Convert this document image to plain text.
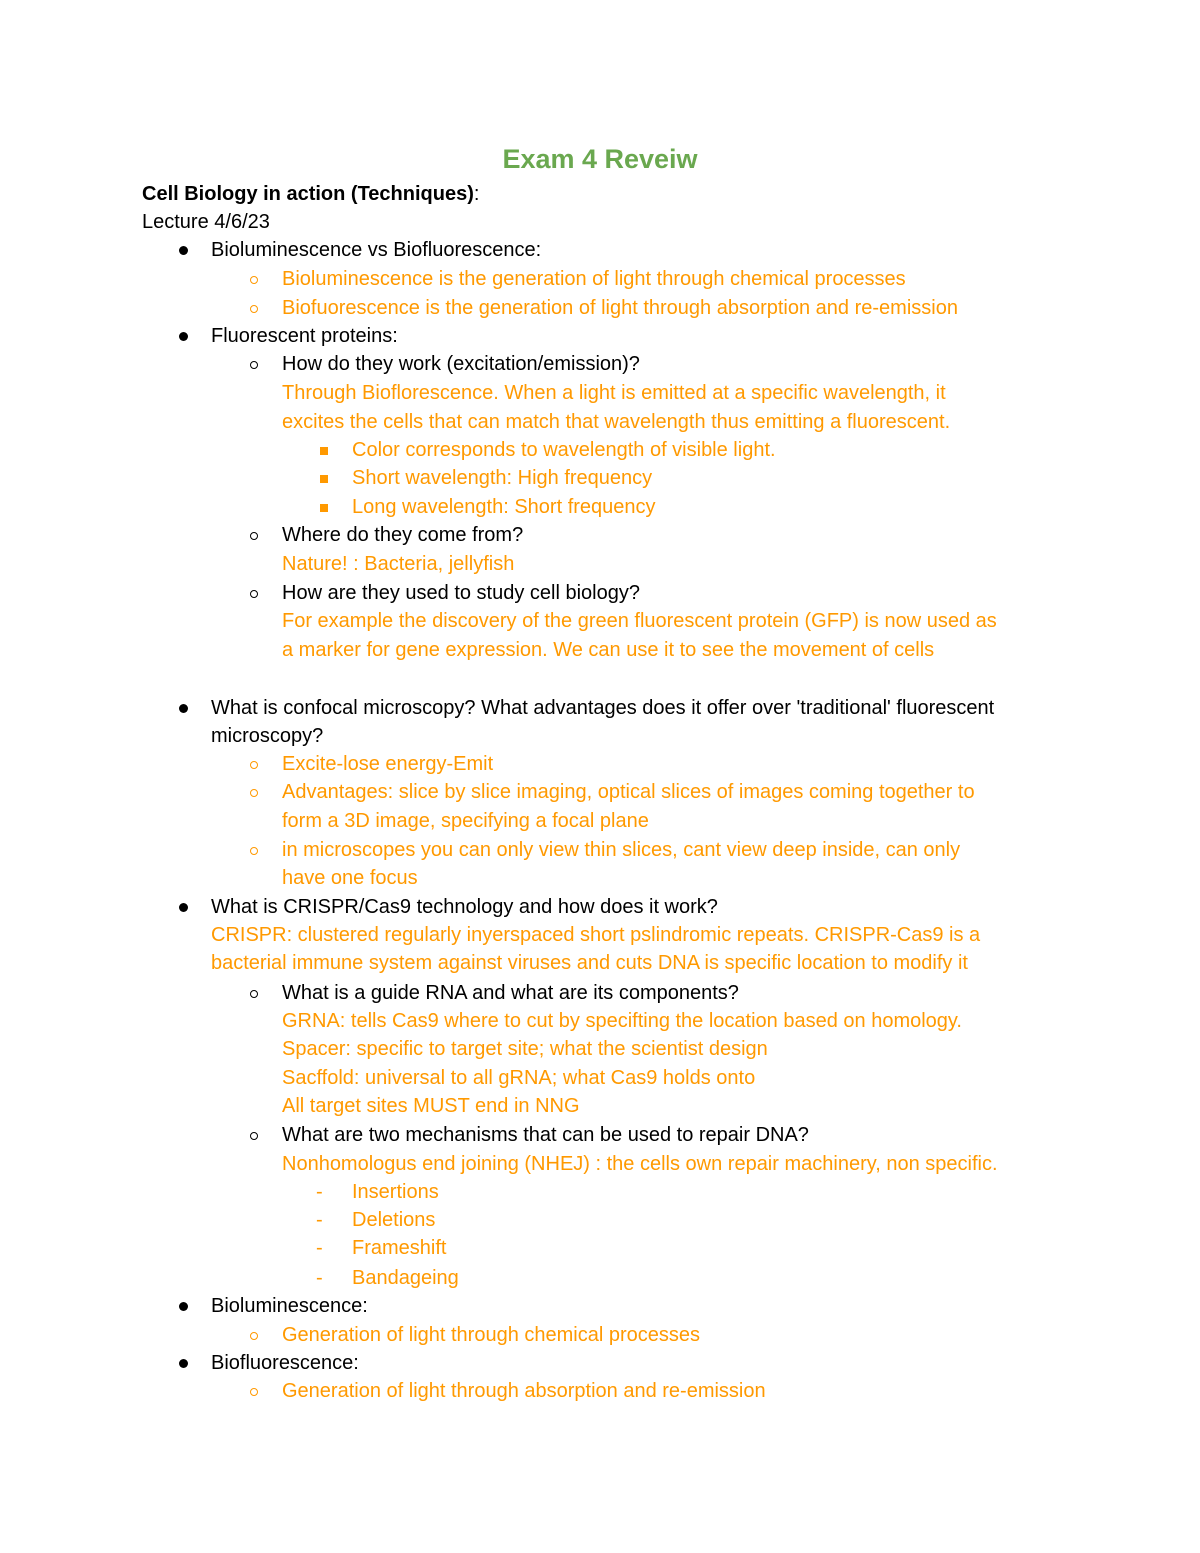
Exam 4 Reveiw
Cell Biology in action (Techniques):
Lecture 4/6/23
Bioluminescence vs Biofluorescence:
Bioluminescence is the generation of light through chemical processes
Biofuorescence is the generation of light through absorption and re-emission
Fluorescent proteins:
How do they work (excitation/emission)?
Through Bioflorescence. When a light is emitted at a specific wavelength, it
excites the cells that can match that wavelength thus emitting a fluorescent.
Color corresponds to wavelength of visible light.
Short wavelength: High frequency
Long wavelength: Short frequency
Where do they come from?
Nature! : Bacteria, jellyfish
How are they used to study cell biology?
For example the discovery of the green fluorescent protein (GFP) is now used as
a marker for gene expression. We can use it to see the movement of cells
What is confocal microscopy? What advantages does it offer over 'traditional' fluorescent
microscopy?
Excite-lose energy-Emit
Advantages: slice by slice imaging, optical slices of images coming together to
form a 3D image, specifying a focal plane
in microscopes you can only view thin slices, cant view deep inside, can only
have one focus
What is CRISPR/Cas9 technology and how does it work?
CRISPR: clustered regularly inyerspaced short pslindromic repeats. CRISPR-Cas9 is a
bacterial immune system against viruses and cuts DNA is specific location to modify it
What is a guide RNA and what are its components?
GRNA: tells Cas9 where to cut by specifting the location based on homology.
Spacer: specific to target site; what the scientist design
Sacffold: universal to all gRNA; what Cas9 holds onto
All target sites MUST end in NNG
What are two mechanisms that can be used to repair DNA?
Nonhomologus end joining (NHEJ) : the cells own repair machinery, non specific.
Insertions
-
Deletions
-
Frameshift
-
Bandageing
-
Bioluminescence:
Generation of light through chemical processes
Biofluorescence:
Generation of light through absorption and re-emission
